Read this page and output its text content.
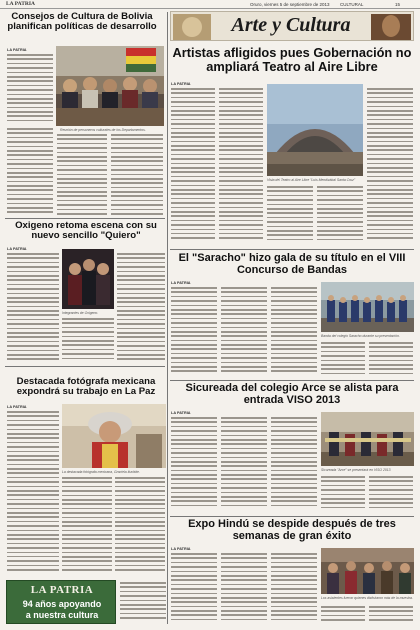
LA PATRIA	Oruro, viernes 5 de septiembre de 2013 CULTURAL	15
Consejos de Cultura de Bolivia planifican políticas de desarrollo
LA PATRIA
Reunión de personeros culturales de los Departamentos.
Oxigeno retoma escena con su nuevo sencillo "Quiero"
LA PATRIA
Integrantes de Oxigeno.
Destacada fotógrafa mexicana expondrá su trabajo en La Paz
LA PATRIA
La destacada fotógrafa mexicana, Graciela Iturbide.
LA PATRIA
94 años apoyando
a nuestra cultura
Arte y Cultura
Artistas afligidos pues Gobernación no ampliará Teatro al Aire Libre
LA PATRIA
Vista del Teatro al Aire Libre "Luis Mendizábal Santa Cruz"
El "Saracho" hizo gala de su título en el VIII Concurso de Bandas
LA PATRIA
Banda del colegio Saracho durante su presentación.
Sicureada del colegio Arce se alista para entrada VISO 2013
LA PATRIA
Sicureada "Arce" se presentará en VISO 2013
Expo Hindú se despide después de tres semanas de gran éxito
LA PATRIA
Los asistentes fueron quienes disfrutaron más de la muestra.
